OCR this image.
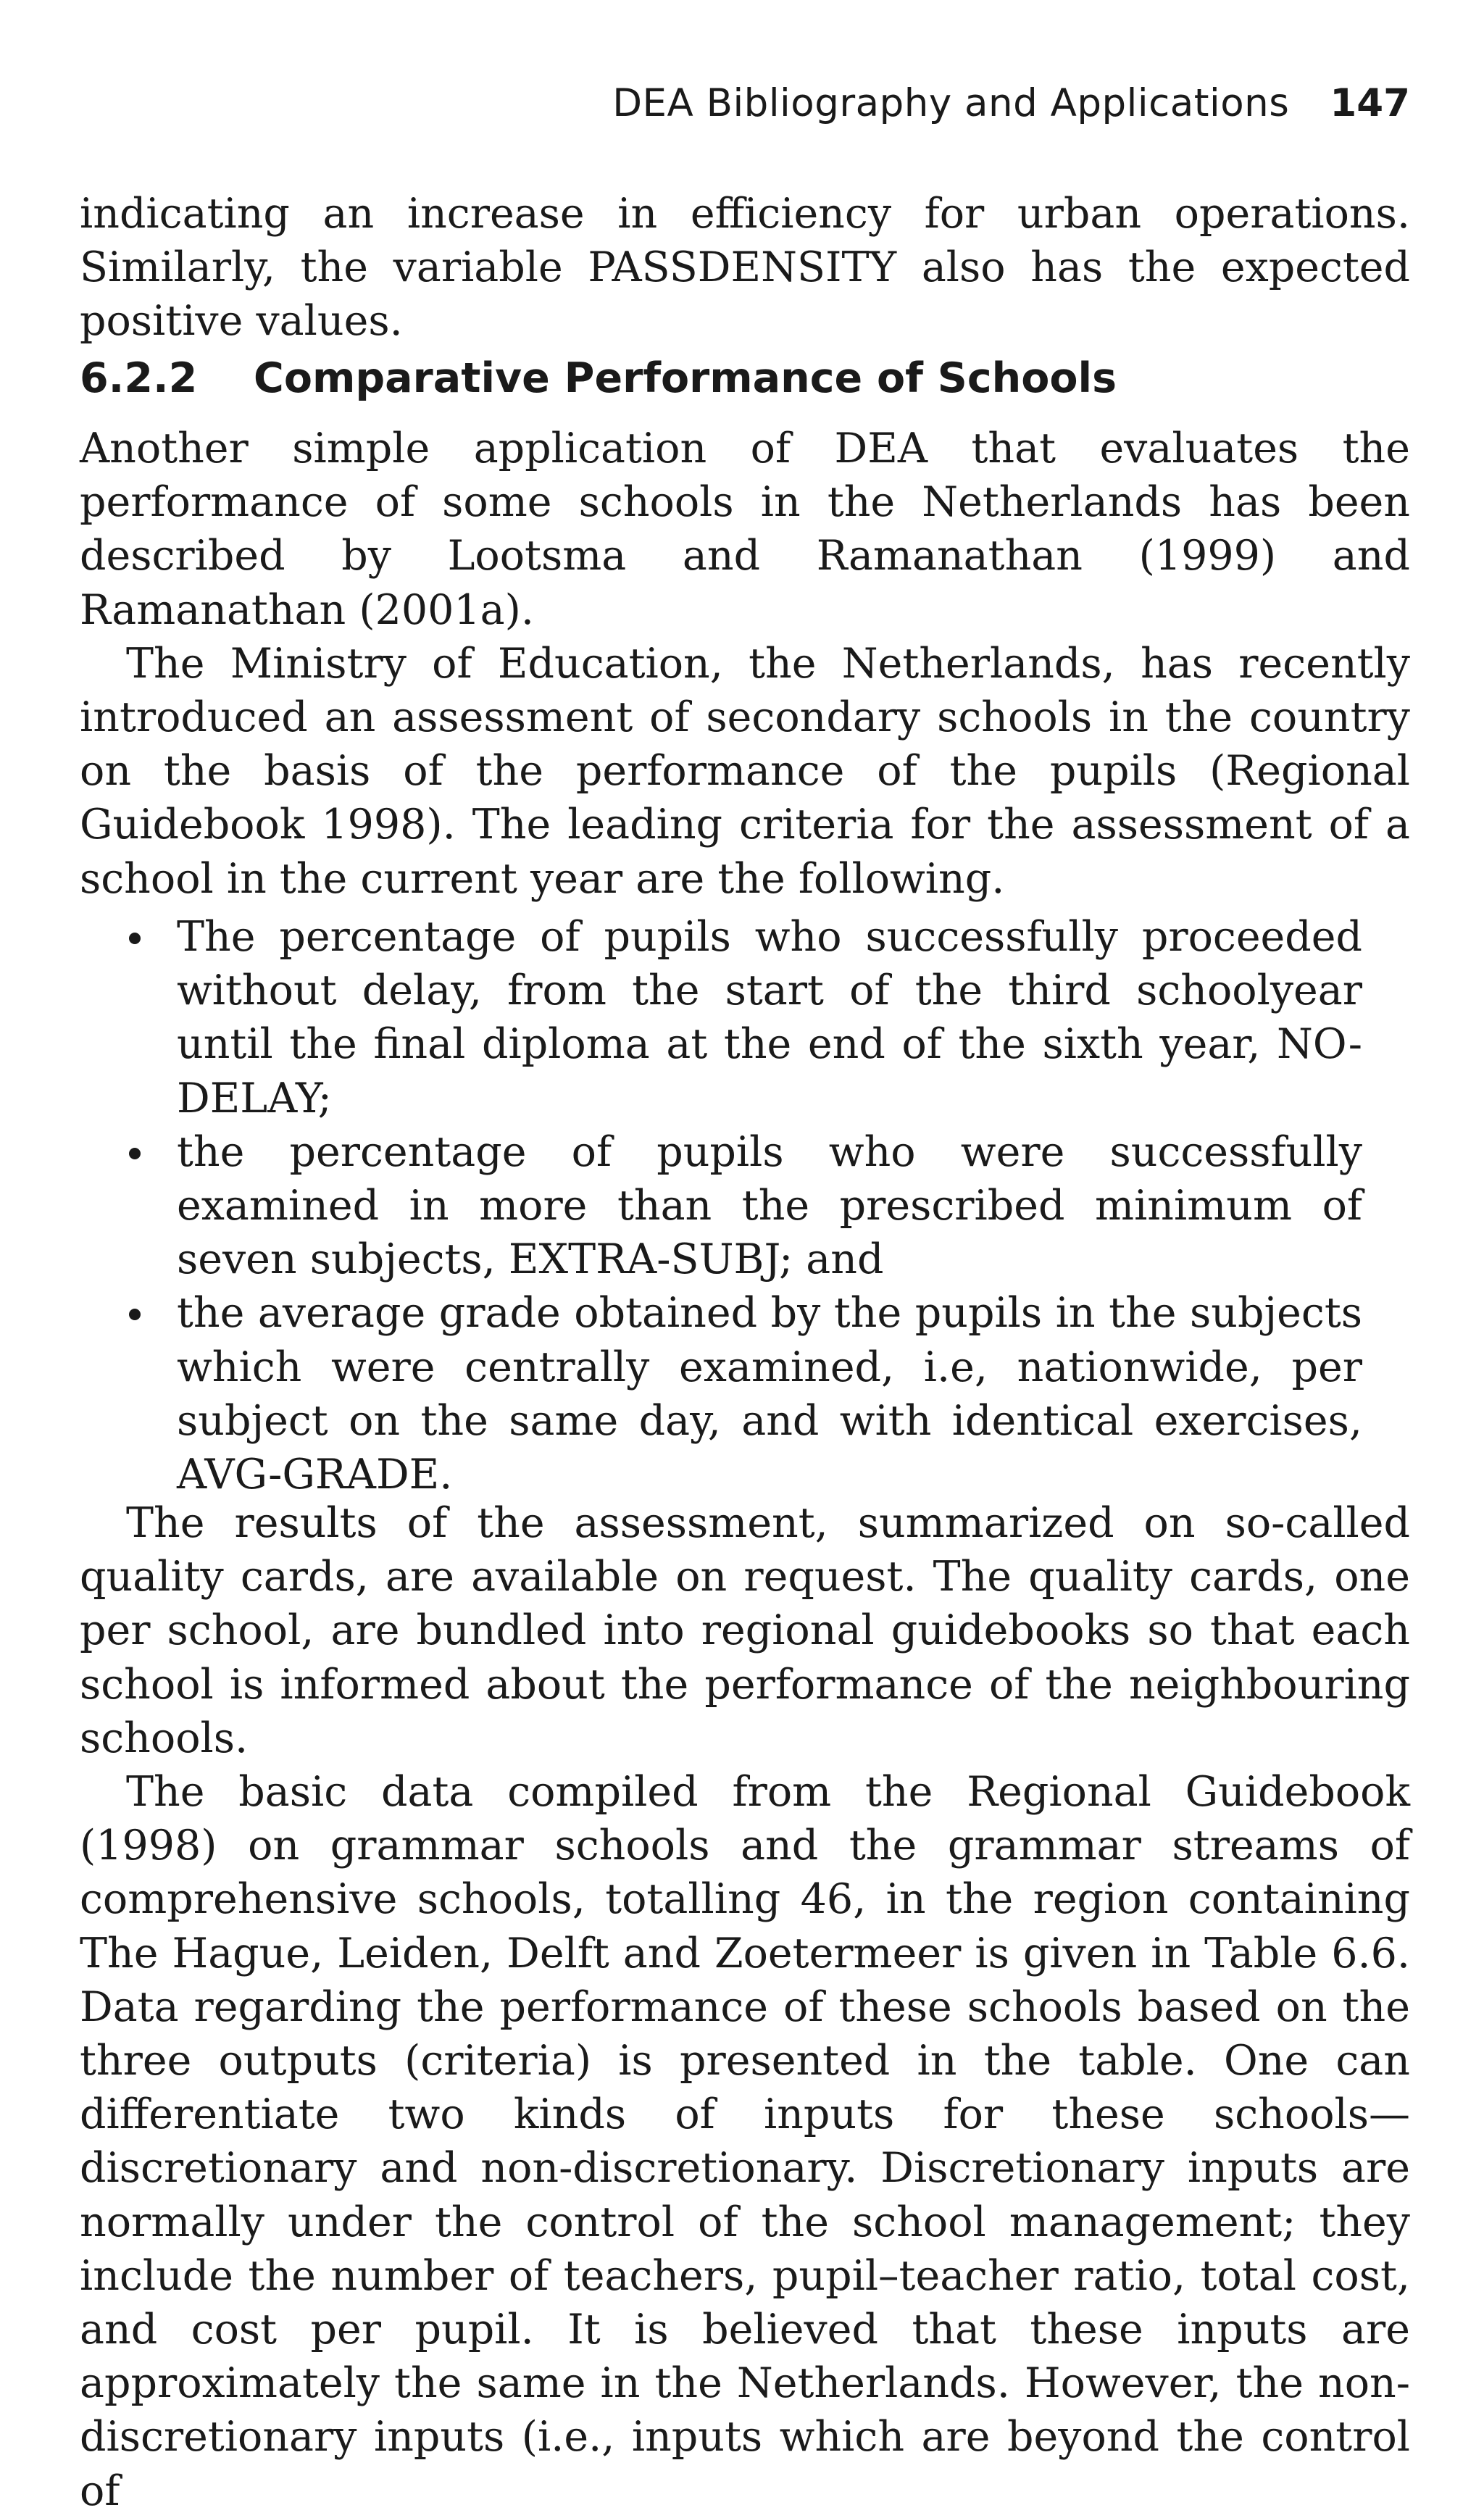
DEA Bibliography and Applications 147

indicating an increase in efficiency for urban operations. Similarly, the variable PASSDENSITY also has the expected positive values.

6.2.2 Comparative Performance of Schools

Another simple application of DEA that evaluates the performance of some schools in the Netherlands has been described by Lootsma and Ramanathan (1999) and Ramanathan (2001a).

The Ministry of Education, the Netherlands, has recently introduced an assessment of secondary schools in the country on the basis of the performance of the pupils (Regional Guidebook 1998). The leading criteria for the assessment of a school in the current year are the following.

The percentage of pupils who successfully proceeded without delay, from the start of the third schoolyear until the final diploma at the end of the sixth year, NO-DELAY;
the percentage of pupils who were successfully examined in more than the prescribed minimum of seven subjects, EXTRA-SUBJ; and
the average grade obtained by the pupils in the subjects which were centrally examined, i.e, nationwide, per subject on the same day, and with identical exercises, AVG-GRADE.

The results of the assessment, summarized on so-called quality cards, are available on request. The quality cards, one per school, are bundled into regional guidebooks so that each school is informed about the performance of the neighbouring schools.

The basic data compiled from the Regional Guidebook (1998) on grammar schools and the grammar streams of comprehensive schools, totalling 46, in the region containing The Hague, Leiden, Delft and Zoetermeer is given in Table 6.6. Data regarding the performance of these schools based on the three outputs (criteria) is presented in the table. One can differentiate two kinds of inputs for these schools—discretionary and non-discretionary. Discretionary inputs are normally under the control of the school management; they include the number of teachers, pupil–teacher ratio, total cost, and cost per pupil. It is believed that these inputs are approximately the same in the Netherlands. However, the non-discretionary inputs (i.e., inputs which are beyond the control of
